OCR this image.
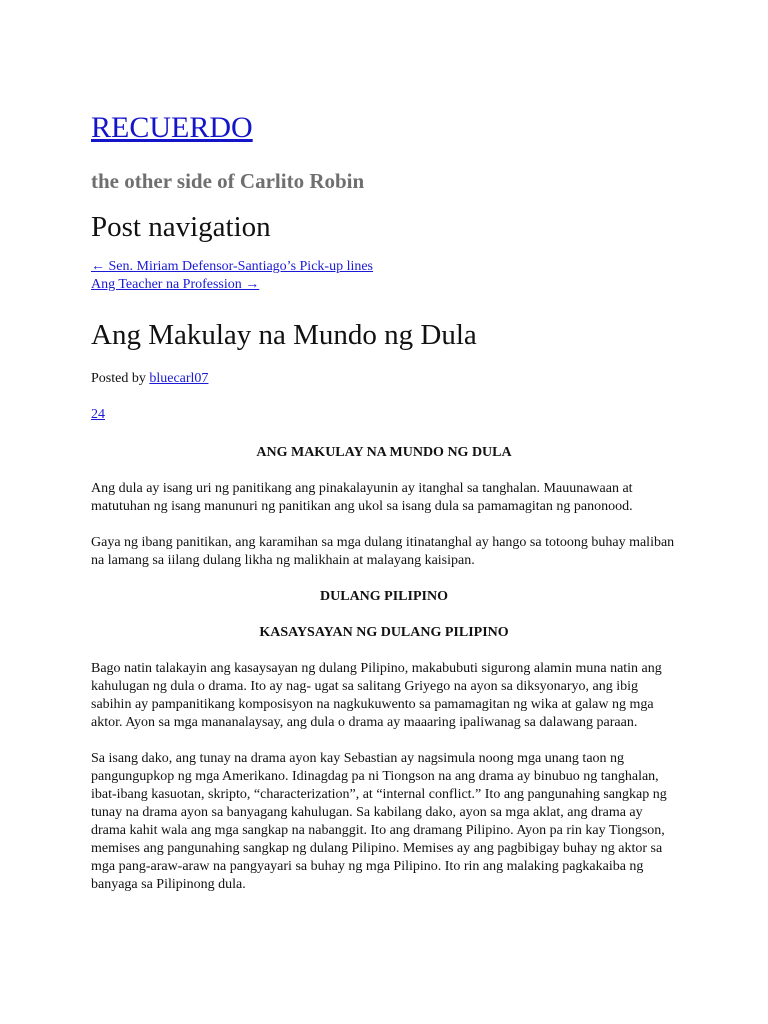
RECUERDO
the other side of Carlito Robin
Post navigation
← Sen. Miriam Defensor-Santiago’s Pick-up lines
Ang Teacher na Profession →
Ang Makulay na Mundo ng Dula
Posted by bluecarl07
24

ANG MAKULAY NA MUNDO NG DULA

Ang dula ay isang uri ng panitikang ang pinakalayunin ay itanghal sa tanghalan. Mauunawaan at matutuhan ng isang manunuri ng panitikan ang ukol sa isang dula sa pamamagitan ng panonood.

Gaya ng ibang panitikan, ang karamihan sa mga dulang itinatanghal ay hango sa totoong buhay maliban na lamang sa iilang dulang likha ng malikhain at malayang kaisipan.

DULANG PILIPINO

KASAYSAYAN NG DULANG PILIPINO

Bago natin talakayin ang kasaysayan ng dulang Pilipino, makabubuti sigurong alamin muna natin ang kahulugan ng dula o drama. Ito ay nag- ugat sa salitang Griyego na ayon sa diksyonaryo, ang ibig sabihin ay pampanitikang komposisyon na nagkukuwento sa pamamagitan ng wika at galaw ng mga aktor. Ayon sa mga mananalaysay, ang dula o drama ay maaaring ipaliwanag sa dalawang paraan.

Sa isang dako, ang tunay na drama ayon kay Sebastian ay nagsimula noong mga unang taon ng pangungupkop ng mga Amerikano. Idinagdag pa ni Tiongson na ang drama ay binubuo ng tanghalan, ibat-ibang kasuotan, skripto, “characterization”, at “internal conflict.” Ito ang pangunahing sangkap ng tunay na drama ayon sa banyagang kahulugan. Sa kabilang dako, ayon sa mga aklat, ang drama ay drama kahit wala ang mga sangkap na nabanggit. Ito ang dramang Pilipino. Ayon pa rin kay Tiongson, memises ang pangunahing sangkap ng dulang Pilipino. Memises ay ang pagbibigay buhay ng aktor sa mga pang-araw-araw na pangyayari sa buhay ng mga Pilipino. Ito rin ang malaking pagkakaiba ng banyaga sa Pilipinong dula.
